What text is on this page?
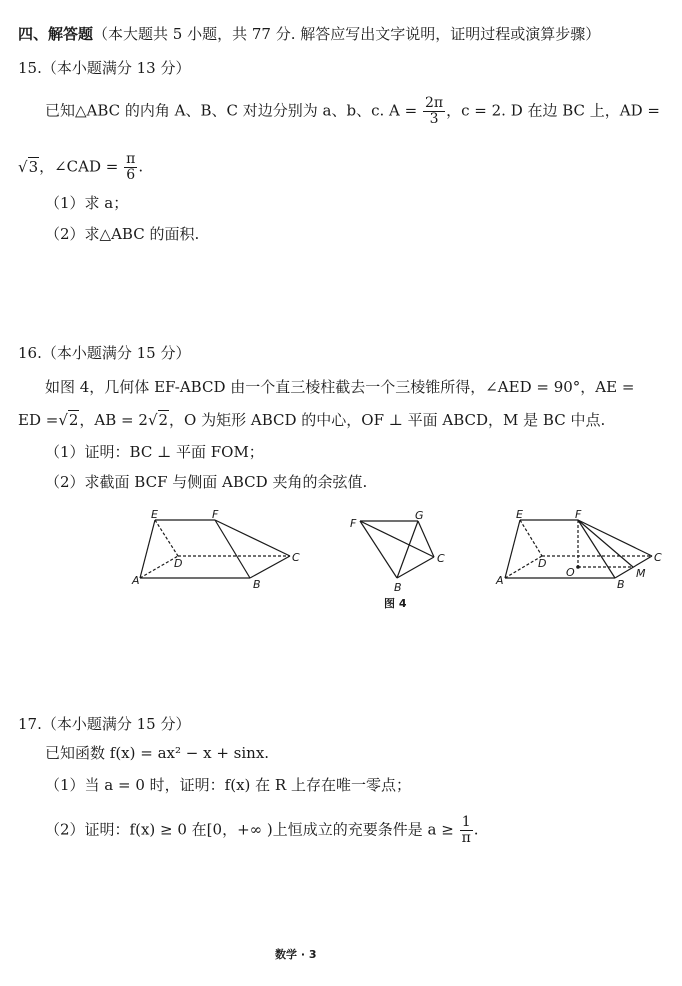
四、解答题（本大题共 5 小题，共 77 分. 解答应写出文字说明，证明过程或演算步骤）
15.（本小题满分 13 分）
已知△ABC 的内角 A、B、C 对边分别为 a、b、c. $A = \frac{2\pi}{3}$ ，c = 2. D 在边 BC 上，AD =
√3，∠CAD = $\frac{\pi}{6}$ .
（1）求 a；
（2）求△ABC 的面积.
16.（本小题满分 15 分）
如图 4，几何体 EF-ABCD 由一个直三棱柱截去一个三棱锥所得，∠AED = 90°，AE =
ED =√2，AB = 2√2，O 为矩形 ABCD 的中心，OF ⊥ 平面 ABCD，M 是 BC 中点.
（1）证明：BC ⊥ 平面 FOM；
（2）求截面 BCF 与侧面 ABCD 夹角的余弦值.
E	F
A
D
B
C
F
G
C
B
E	F
A
D
O
B
M
C
图 4
17.（本小题满分 15 分）
已知函数 f(x) = ax² − x + sinx.
（1）当 a = 0 时，证明：f(x) 在 R 上存在唯一零点；
（2）证明：f(x) ≥ 0 在[0，+∞ )上恒成立的充要条件是 $a \ge \frac{1}{\pi}$ .
数学 · 3
